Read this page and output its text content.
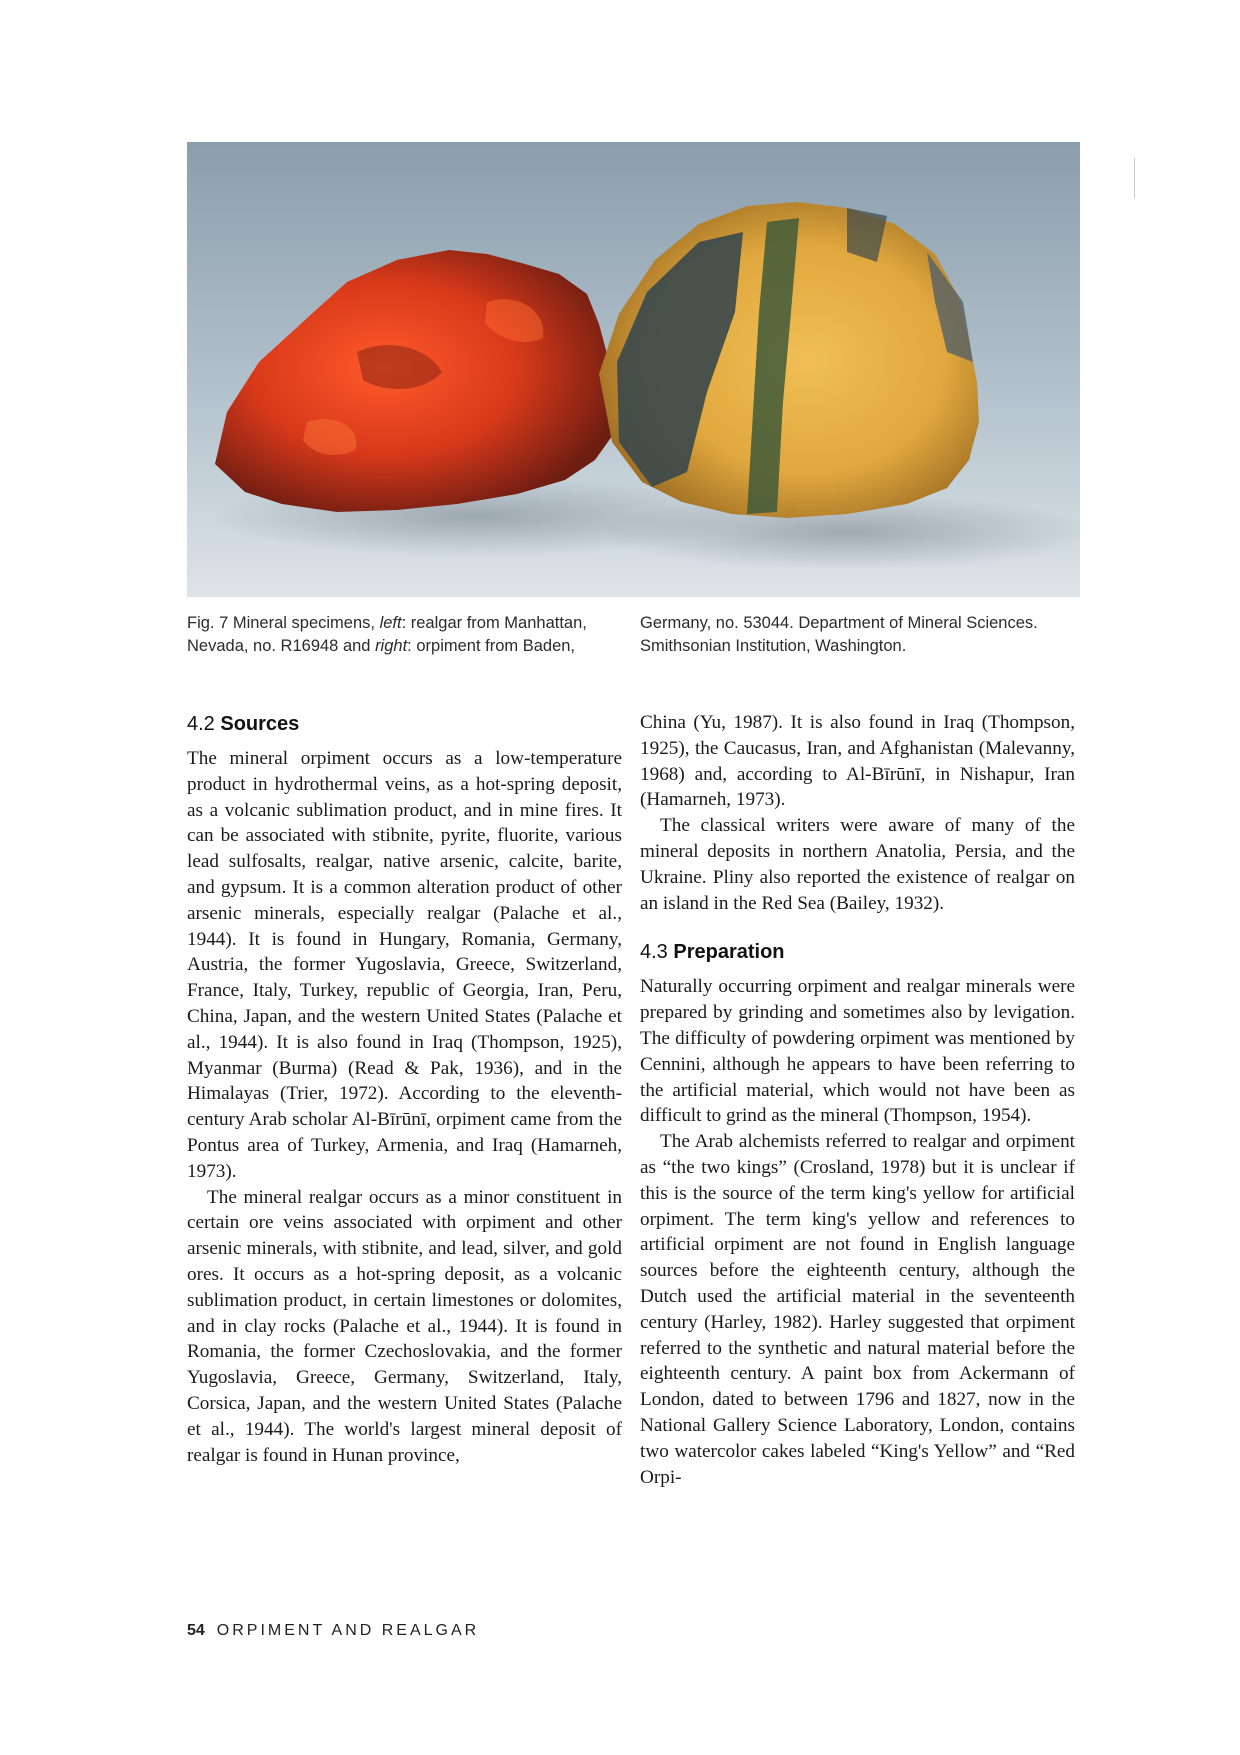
Fig. 7 Mineral specimens, left: realgar from Manhattan, Nevada, no. R16948 and right: orpiment from Baden,
Germany, no. 53044. Department of Mineral Sciences. Smithsonian Institution, Washington.
4.2 Sources

The mineral orpiment occurs as a low-temperature product in hydrothermal veins, as a hot-spring deposit, as a volcanic sublimation product, and in mine fires. It can be associated with stibnite, pyrite, fluorite, various lead sulfosalts, realgar, native arsenic, calcite, barite, and gypsum. It is a common alteration product of other arsenic minerals, especially realgar (Palache et al., 1944). It is found in Hungary, Romania, Germany, Austria, the former Yugoslavia, Greece, Switzerland, France, Italy, Turkey, republic of Georgia, Iran, Peru, China, Japan, and the western United States (Palache et al., 1944). It is also found in Iraq (Thompson, 1925), Myanmar (Burma) (Read & Pak, 1936), and in the Himalayas (Trier, 1972). According to the eleventh-century Arab scholar Al-Bīrūnī, orpiment came from the Pontus area of Turkey, Armenia, and Iraq (Hamarneh, 1973).

The mineral realgar occurs as a minor constituent in certain ore veins associated with orpiment and other arsenic minerals, with stibnite, and lead, silver, and gold ores. It occurs as a hot-spring deposit, as a volcanic sublimation product, in certain limestones or dolomites, and in clay rocks (Palache et al., 1944). It is found in Romania, the former Czechoslovakia, and the former Yugoslavia, Greece, Germany, Switzerland, Italy, Corsica, Japan, and the western United States (Palache et al., 1944). The world's largest mineral deposit of realgar is found in Hunan province,

China (Yu, 1987). It is also found in Iraq (Thompson, 1925), the Caucasus, Iran, and Afghanistan (Malevanny, 1968) and, according to Al-Bīrūnī, in Nishapur, Iran (Hamarneh, 1973).

The classical writers were aware of many of the mineral deposits in northern Anatolia, Persia, and the Ukraine. Pliny also reported the existence of realgar on an island in the Red Sea (Bailey, 1932).

4.3 Preparation

Naturally occurring orpiment and realgar minerals were prepared by grinding and sometimes also by levigation. The difficulty of powdering orpiment was mentioned by Cennini, although he appears to have been referring to the artificial material, which would not have been as difficult to grind as the mineral (Thompson, 1954).

The Arab alchemists referred to realgar and orpiment as “the two kings” (Crosland, 1978) but it is unclear if this is the source of the term king's yellow for artificial orpiment. The term king's yellow and references to artificial orpiment are not found in English language sources before the eighteenth century, although the Dutch used the artificial material in the seventeenth century (Harley, 1982). Harley suggested that orpiment referred to the synthetic and natural material before the eighteenth century. A paint box from Ackermann of London, dated to between 1796 and 1827, now in the National Gallery Science Laboratory, London, contains two watercolor cakes labeled “King's Yellow” and “Red Orpi-

54 ORPIMENT AND REALGAR
